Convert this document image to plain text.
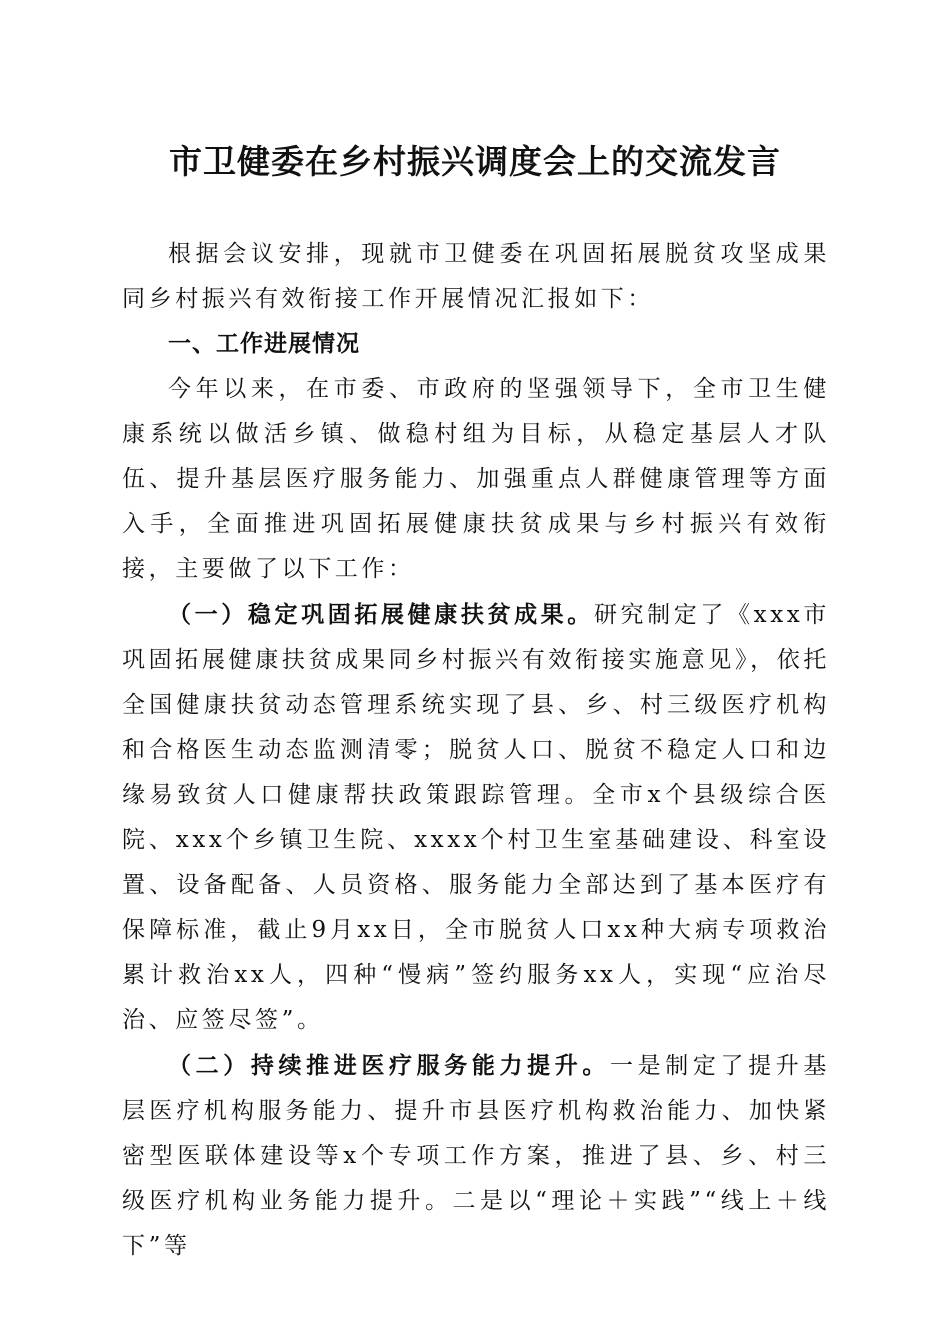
市卫健委在乡村振兴调度会上的交流发言

根据会议安排，现就市卫健委在巩固拓展脱贫攻坚成果同乡村振兴有效衔接工作开展情况汇报如下：

一、工作进展情况

今年以来，在市委、市政府的坚强领导下，全市卫生健康系统以做活乡镇、做稳村组为目标，从稳定基层人才队伍、提升基层医疗服务能力、加强重点人群健康管理等方面入手，全面推进巩固拓展健康扶贫成果与乡村振兴有效衔接，主要做了以下工作：

（一）稳定巩固拓展健康扶贫成果。研究制定了《xxx市巩固拓展健康扶贫成果同乡村振兴有效衔接实施意见》，依托全国健康扶贫动态管理系统实现了县、乡、村三级医疗机构和合格医生动态监测清零；脱贫人口、脱贫不稳定人口和边缘易致贫人口健康帮扶政策跟踪管理。全市x个县级综合医院、xxx个乡镇卫生院、xxxx个村卫生室基础建设、科室设置、设备配备、人员资格、服务能力全部达到了基本医疗有保障标准，截止9月xx日，全市脱贫人口xx种大病专项救治累计救治xx人，四种“慢病”签约服务xx人，实现“应治尽治、应签尽签”。

（二）持续推进医疗服务能力提升。一是制定了提升基层医疗机构服务能力、提升市县医疗机构救治能力、加快紧密型医联体建设等x个专项工作方案，推进了县、乡、村三级医疗机构业务能力提升。二是以“理论＋实践”“线上＋线下”等
